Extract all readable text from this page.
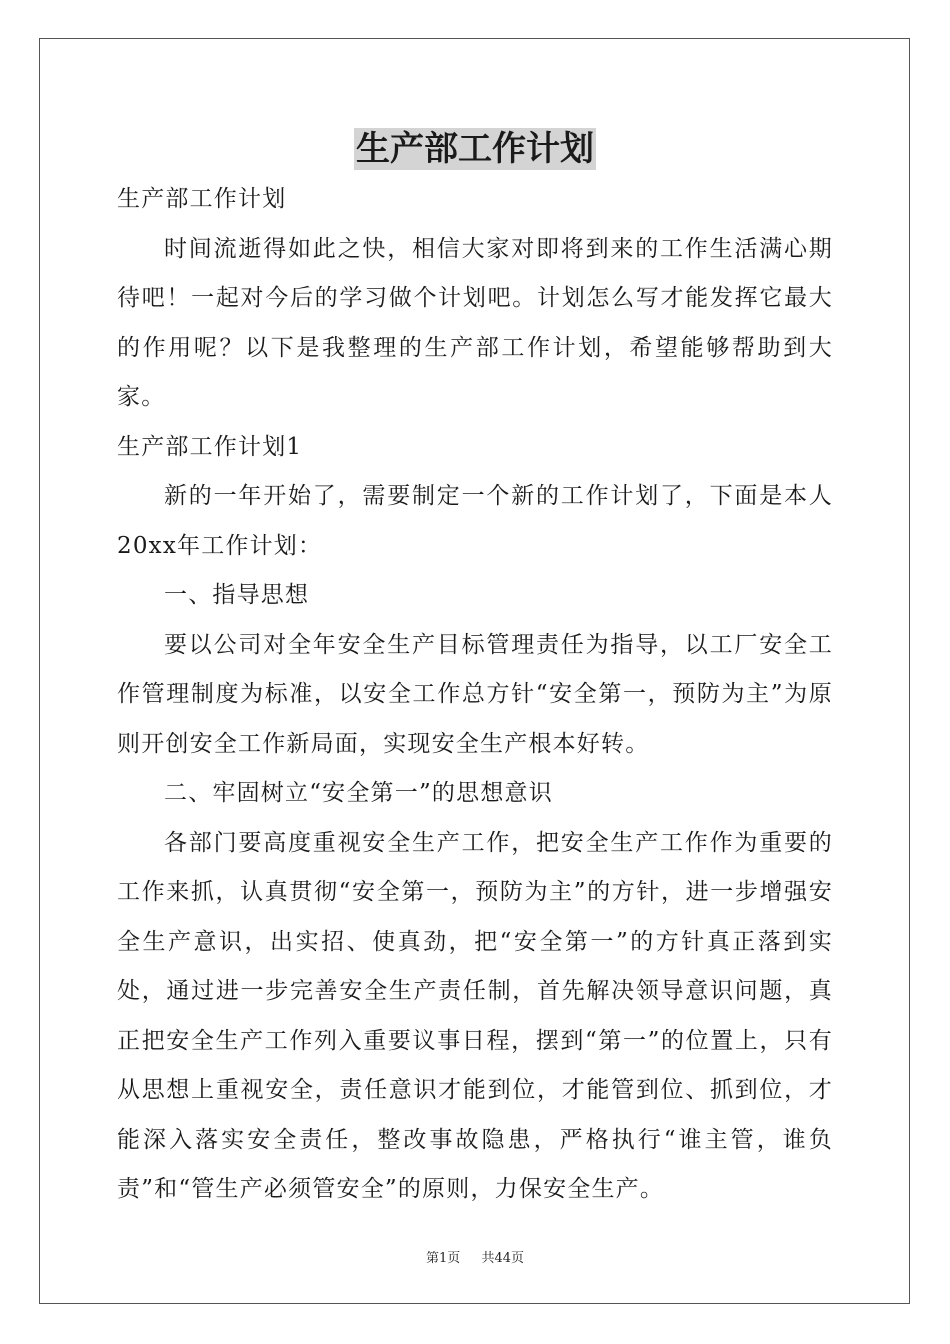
生产部工作计划

生产部工作计划

时间流逝得如此之快，相信大家对即将到来的工作生活满心期待吧！一起对今后的学习做个计划吧。计划怎么写才能发挥它最大的作用呢？以下是我整理的生产部工作计划，希望能够帮助到大家。

生产部工作计划1

新的一年开始了，需要制定一个新的工作计划了，下面是本人20xx年工作计划：

一、指导思想

要以公司对全年安全生产目标管理责任为指导，以工厂安全工作管理制度为标准，以安全工作总方针“安全第一，预防为主”为原则开创安全工作新局面，实现安全生产根本好转。

二、牢固树立“安全第一”的思想意识

各部门要高度重视安全生产工作，把安全生产工作作为重要的工作来抓，认真贯彻“安全第一，预防为主”的方针，进一步增强安全生产意识，出实招、使真劲，把“安全第一”的方针真正落到实处，通过进一步完善安全生产责任制，首先解决领导意识问题，真正把安全生产工作列入重要议事日程，摆到“第一”的位置上，只有从思想上重视安全，责任意识才能到位，才能管到位、抓到位，才能深入落实安全责任，整改事故隐患，严格执行“谁主管，谁负责”和“管生产必须管安全”的原则，力保安全生产。

第1页 共44页
